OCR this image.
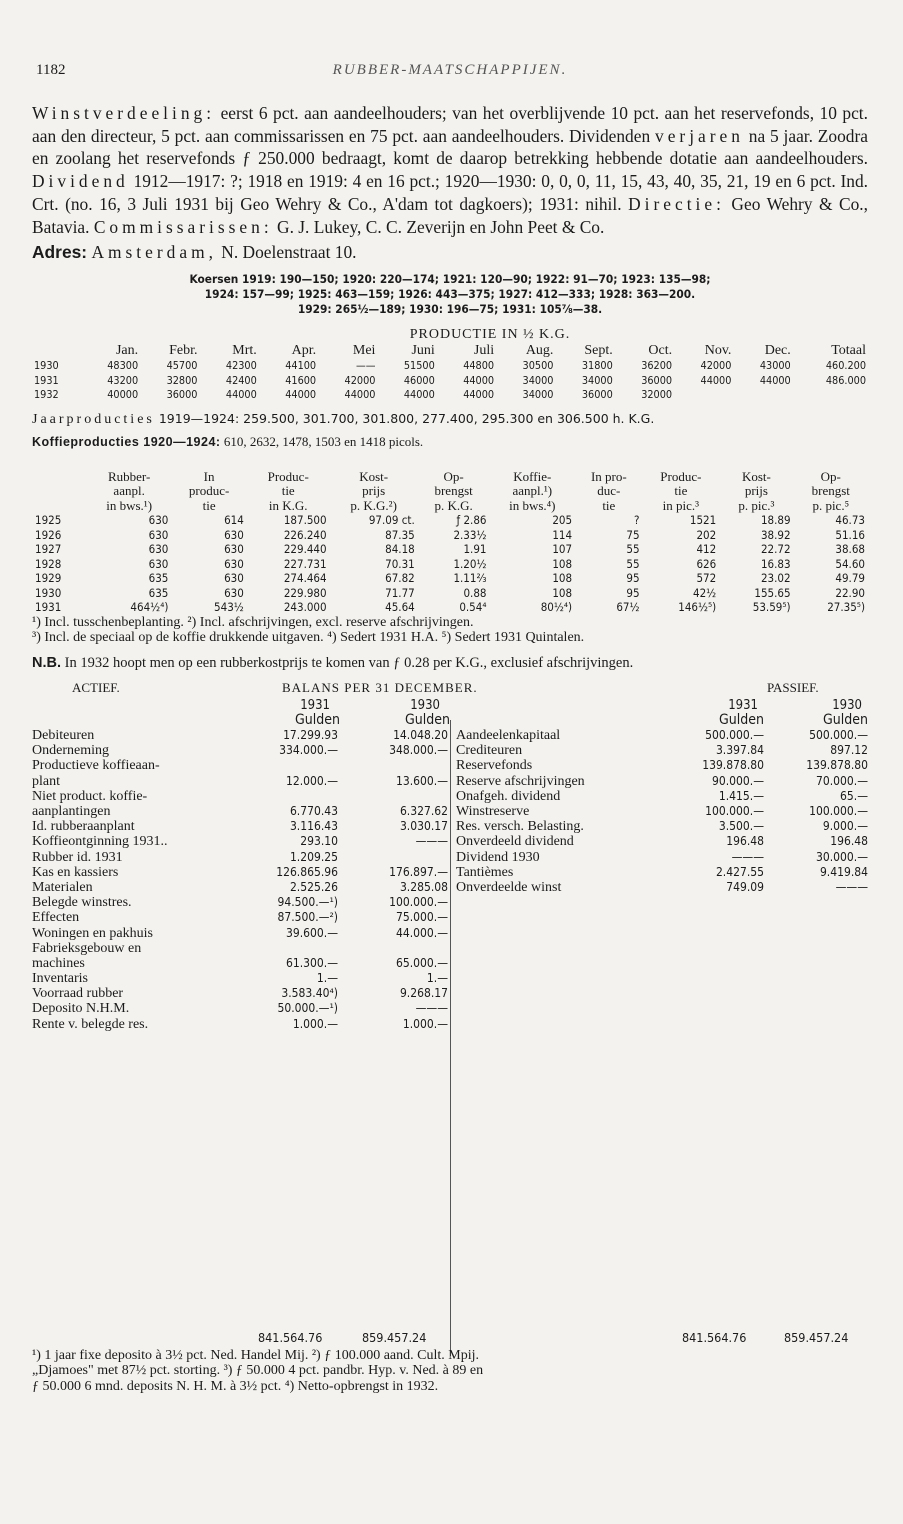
1182	RUBBER-MAATSCHAPPIJEN.

Winstverdeeling: eerst 6 pct. aan aandeelhouders; van het overblijvende 10 pct. aan het reservefonds, 10 pct. aan den directeur, 5 pct. aan commissarissen en 75 pct. aan aandeelhouders. Dividenden verjaren na 5 jaar. Zoodra en zoolang het reservefonds ƒ 250.000 bedraagt, komt de daarop betrekking hebbende dotatie aan aandeelhouders. Dividend 1912—1917: ?; 1918 en 1919: 4 en 16 pct.; 1920—1930: 0, 0, 0, 11, 15, 43, 40, 35, 21, 19 en 6 pct. Ind. Crt. (no. 16, 3 Juli 1931 bij Geo Wehry & Co., A'dam tot dagkoers); 1931: nihil. Directie: Geo Wehry & Co., Batavia. Commissarissen: G. J. Lukey, C. C. Zeverijn en John Peet & Co.

Adres: Amsterdam, N. Doelenstraat 10.
Koersen 1919: 190—150; 1920: 220—174; 1921: 120—90; 1922: 91—70; 1923: 135—98;
1924: 157—99; 1925: 463—159; 1926: 443—375; 1927: 412—333; 1928: 363—200.
1929: 265½—189; 1930: 196—75; 1931: 105⅞—38.
PRODUCTIE IN ½ K.G.
	Jan.	Febr.	Mrt.	Apr.	Mei	Juni	Juli	Aug.	Sept.	Oct.	Nov.	Dec.	Totaal
1930	48300	45700	42300	44100	——	51500	44800	30500	31800	36200	42000	43000	460.200
1931	43200	32800	42400	41600	42000	46000	44000	34000	34000	36000	44000	44000	486.000
1932	40000	36000	44000	44000	44000	44000	44000	34000	36000	32000			
Jaarproducties 1919—1924: 259.500, 301.700, 301.800, 277.400, 295.300 en 306.500 h. K.G.
Koffieproducties 1920—1924: 610, 2632, 1478, 1503 en 1418 picols.
	Rubber-	In	Produc-	Kost-	Op-	Koffie-	In pro-	Produc-	Kost-	Op-
	aanpl.	produc-	tie	prijs	brengst	aanpl.¹)	duc-	tie	prijs	brengst
	in bws.¹)	tie	in K.G.	p. K.G.²)	p. K.G.	in bws.⁴)	tie	in pic.³	p. pic.³	p. pic.⁵
1925	630	614	187.500	97.09 ct.	ƒ 2.86	205	?	1521	18.89	46.73
1926	630	630	226.240	87.35	2.33½	114	75	202	38.92	51.16
1927	630	630	229.440	84.18	1.91	107	55	412	22.72	38.68
1928	630	630	227.731	70.31	1.20½	108	55	626	16.83	54.60
1929	635	630	274.464	67.82	1.11⅔	108	95	572	23.02	49.79
1930	635	630	229.980	71.77	0.88	108	95	42½	155.65	22.90
1931	464½⁴)	543½	243.000	45.64	0.54⁴	80½⁴)	67½	146½⁵)	53.59⁵)	27.35⁵)
¹) Incl. tusschenbeplanting. ²) Incl. afschrijvingen, excl. reserve afschrijvingen.
³) Incl. de speciaal op de koffie drukkende uitgaven. ⁴) Sedert 1931 H.A. ⁵) Sedert 1931 Quintalen.
N.B. In 1932 hoopt men op een rubberkostprijs te komen van ƒ 0.28 per K.G., exclusief afschrijvingen.
ACTIEF.	BALANS PER 31 DECEMBER.	PASSIEF.
1931	1930
Gulden	Gulden
Debiteuren	17.299.93	14.048.20
Onderneming	334.000.—	348.000.—
Productieve koffieaan-
plant	12.000.—	13.600.—
Niet product. koffie-
aanplantingen	6.770.43	6.327.62
Id. rubberaanplant	3.116.43	3.030.17
Koffieontginning 1931..	293.10	———
Rubber id. 1931	1.209.25
Kas en kassiers	126.865.96	176.897.—
Materialen	2.525.26	3.285.08
Belegde winstres.	94.500.—¹)	100.000.—
Effecten	87.500.—²)	75.000.—
Woningen en pakhuis	39.600.—	44.000.—
Fabrieksgebouw en
machines	61.300.—	65.000.—
Inventaris	1.—	1.—
Voorraad rubber	3.583.40⁴)	9.268.17
Deposito N.H.M.	50.000.—¹)	———
Rente v. belegde res.	1.000.—	1.000.—
1931	1930
Gulden	Gulden
Aandeelenkapitaal	500.000.—	500.000.—
Crediteuren	3.397.84	897.12
Reservefonds	139.878.80	139.878.80
Reserve afschrijvingen	90.000.—	70.000.—
Onafgeh. dividend	1.415.—	65.—
Winstreserve	100.000.—	100.000.—
Res. versch. Belasting.	3.500.—	9.000.—
Onverdeeld dividend	196.48	196.48
Dividend 1930	———	30.000.—
Tantièmes	2.427.55	9.419.84
Onverdeelde winst	749.09	———
841.564.76	859.457.24	841.564.76	859.457.24
¹) 1 jaar fixe deposito à 3½ pct. Ned. Handel Mij. ²) ƒ 100.000 aand. Cult. Mpij.
„Djamoes" met 87½ pct. storting. ³) ƒ 50.000 4 pct. pandbr. Hyp. v. Ned. à 89 en
ƒ 50.000 6 mnd. deposits N. H. M. à 3½ pct. ⁴) Netto-opbrengst in 1932.
